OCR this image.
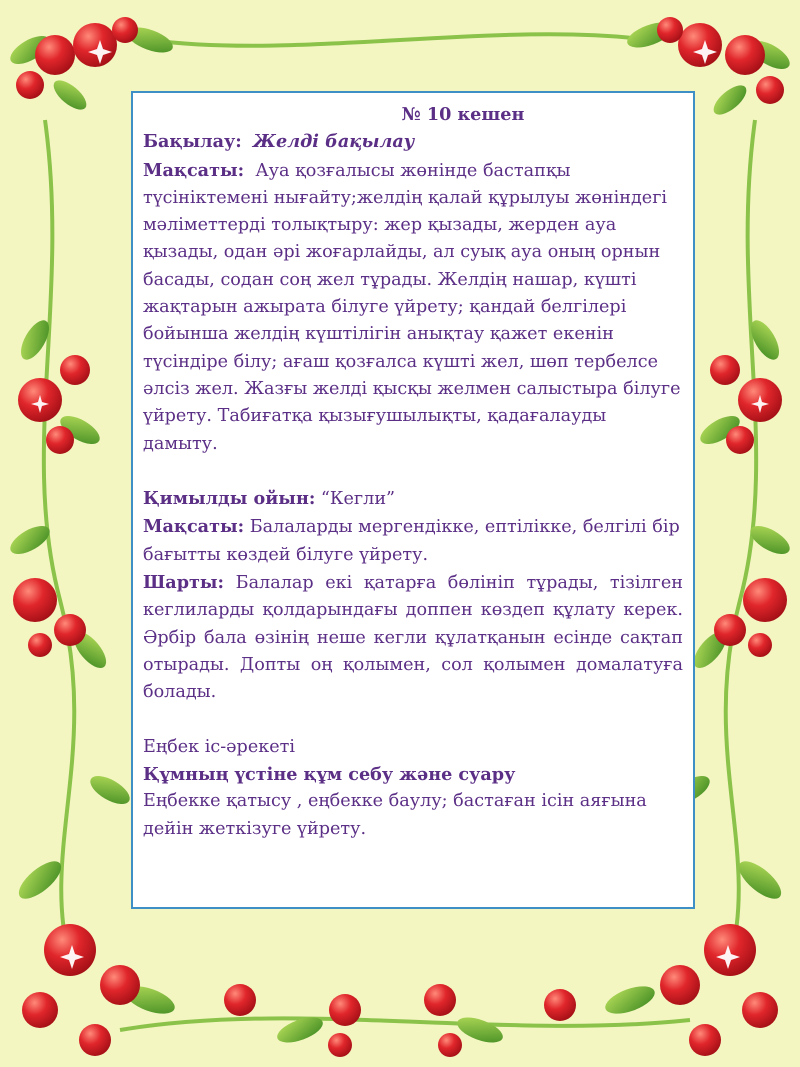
№ 10 кешен

Бақылау: Желді бақылау

Мақсаты: Ауа қозғалысы жөнінде бастапқы түсініктемені нығайту;желдің қалай құрылуы жөніндегі мәліметтерді толықтыру: жер қызады, жерден ауа қызады, одан әрі жоғарлайды, ал суық ауа оның орнын басады, содан соң жел тұрады. Желдің нашар, күшті жақтарын ажырата білуге үйрету; қандай белгілері бойынша желдің күштілігін анықтау қажет екенін түсіндіре білу; ағаш қозғалса күшті жел, шөп тербелсе әлсіз жел. Жазғы желді қысқы желмен салыстыра білуге үйрету. Табиғатқа қызығушылықты, қадағалауды дамыту.

Қимылды ойын: “Кегли”

Мақсаты: Балаларды мергендікке, ептілікке, белгілі бір бағытты көздей білуге үйрету.

Шарты: Балалар екі қатарға бөлініп тұрады, тізілген кеглиларды қолдарындағы доппен көздеп құлату керек. Әрбір бала өзінің неше кегли құлатқанын есінде сақтап отырады. Допты оң қолымен, сол қолымен домалатуға болады.

Еңбек іс-әрекеті

Құмның үстіне құм себу және суару

Еңбекке қатысу , еңбекке баулу; бастаған ісін аяғына дейін жеткізуге үйрету.
